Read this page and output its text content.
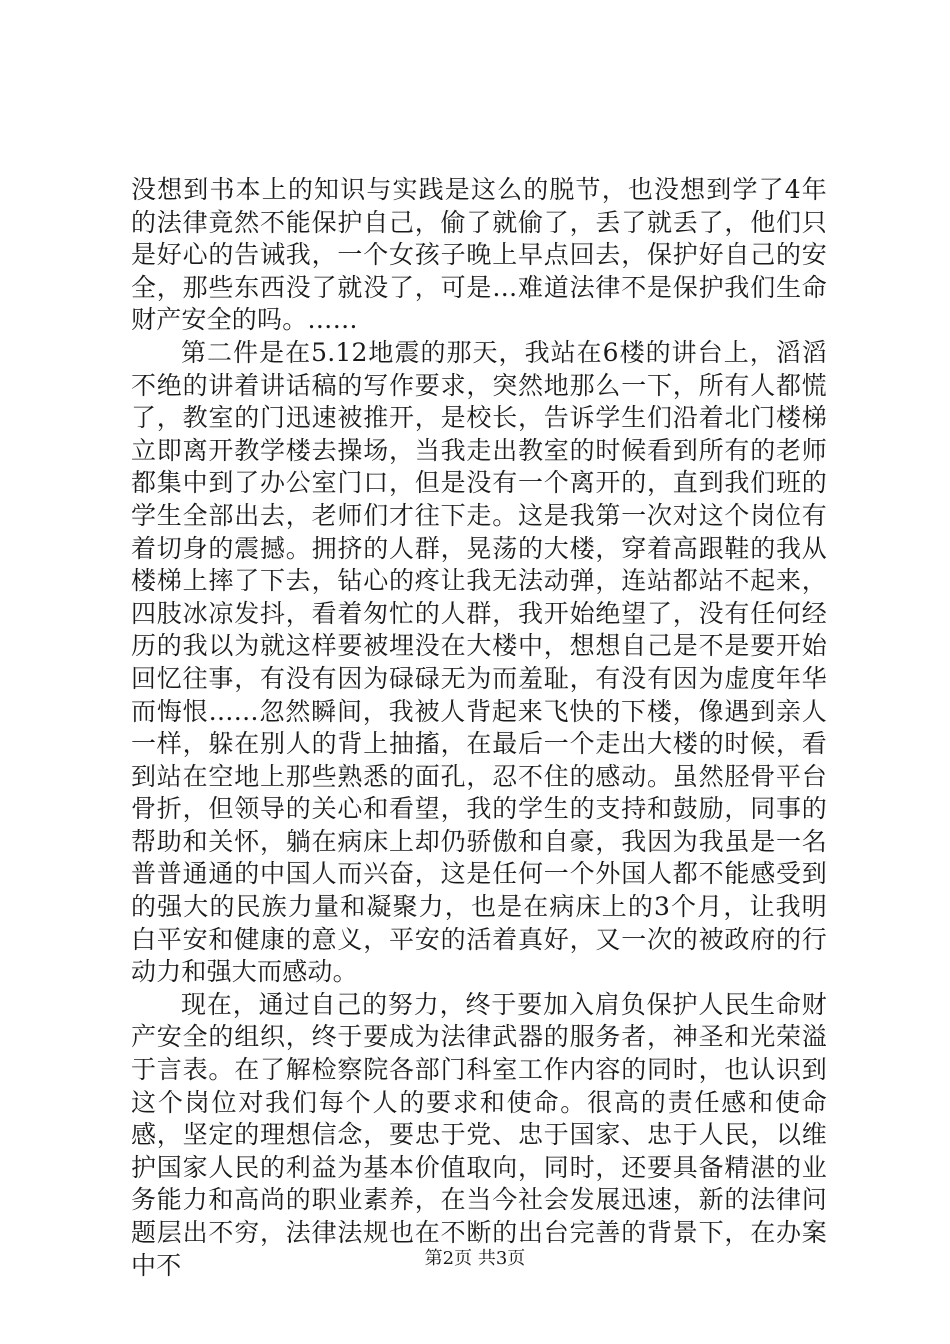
没想到书本上的知识与实践是这么的脱节，也没想到学了4年的法律竟然不能保护自己，偷了就偷了，丢了就丢了，他们只是好心的告诫我，一个女孩子晚上早点回去，保护好自己的安全，那些东西没了就没了，可是…难道法律不是保护我们生命财产安全的吗。……

第二件是在5.12地震的那天，我站在6楼的讲台上，滔滔不绝的讲着讲话稿的写作要求，突然地那么一下，所有人都慌了，教室的门迅速被推开，是校长，告诉学生们沿着北门楼梯立即离开教学楼去操场，当我走出教室的时候看到所有的老师都集中到了办公室门口，但是没有一个离开的，直到我们班的学生全部出去，老师们才往下走。这是我第一次对这个岗位有着切身的震撼。拥挤的人群，晃荡的大楼，穿着高跟鞋的我从楼梯上摔了下去，钻心的疼让我无法动弹，连站都站不起来，四肢冰凉发抖，看着匆忙的人群，我开始绝望了，没有任何经历的我以为就这样要被埋没在大楼中，想想自己是不是要开始回忆往事，有没有因为碌碌无为而羞耻，有没有因为虚度年华而悔恨……忽然瞬间，我被人背起来飞快的下楼，像遇到亲人一样，躲在别人的背上抽搐，在最后一个走出大楼的时候，看到站在空地上那些熟悉的面孔，忍不住的感动。虽然胫骨平台骨折，但领导的关心和看望，我的学生的支持和鼓励，同事的帮助和关怀，躺在病床上却仍骄傲和自豪，我因为我虽是一名普普通通的中国人而兴奋，这是任何一个外国人都不能感受到的强大的民族力量和凝聚力，也是在病床上的3个月，让我明白平安和健康的意义，平安的活着真好，又一次的被政府的行动力和强大而感动。

现在，通过自己的努力，终于要加入肩负保护人民生命财产安全的组织，终于要成为法律武器的服务者，神圣和光荣溢于言表。在了解检察院各部门科室工作内容的同时，也认识到这个岗位对我们每个人的要求和使命。很高的责任感和使命感，坚定的理想信念，要忠于党、忠于国家、忠于人民，以维护国家人民的利益为基本价值取向，同时，还要具备精湛的业务能力和高尚的职业素养，在当今社会发展迅速，新的法律问题层出不穷，法律法规也在不断的出台完善的背景下，在办案中不	第2页 共3页
